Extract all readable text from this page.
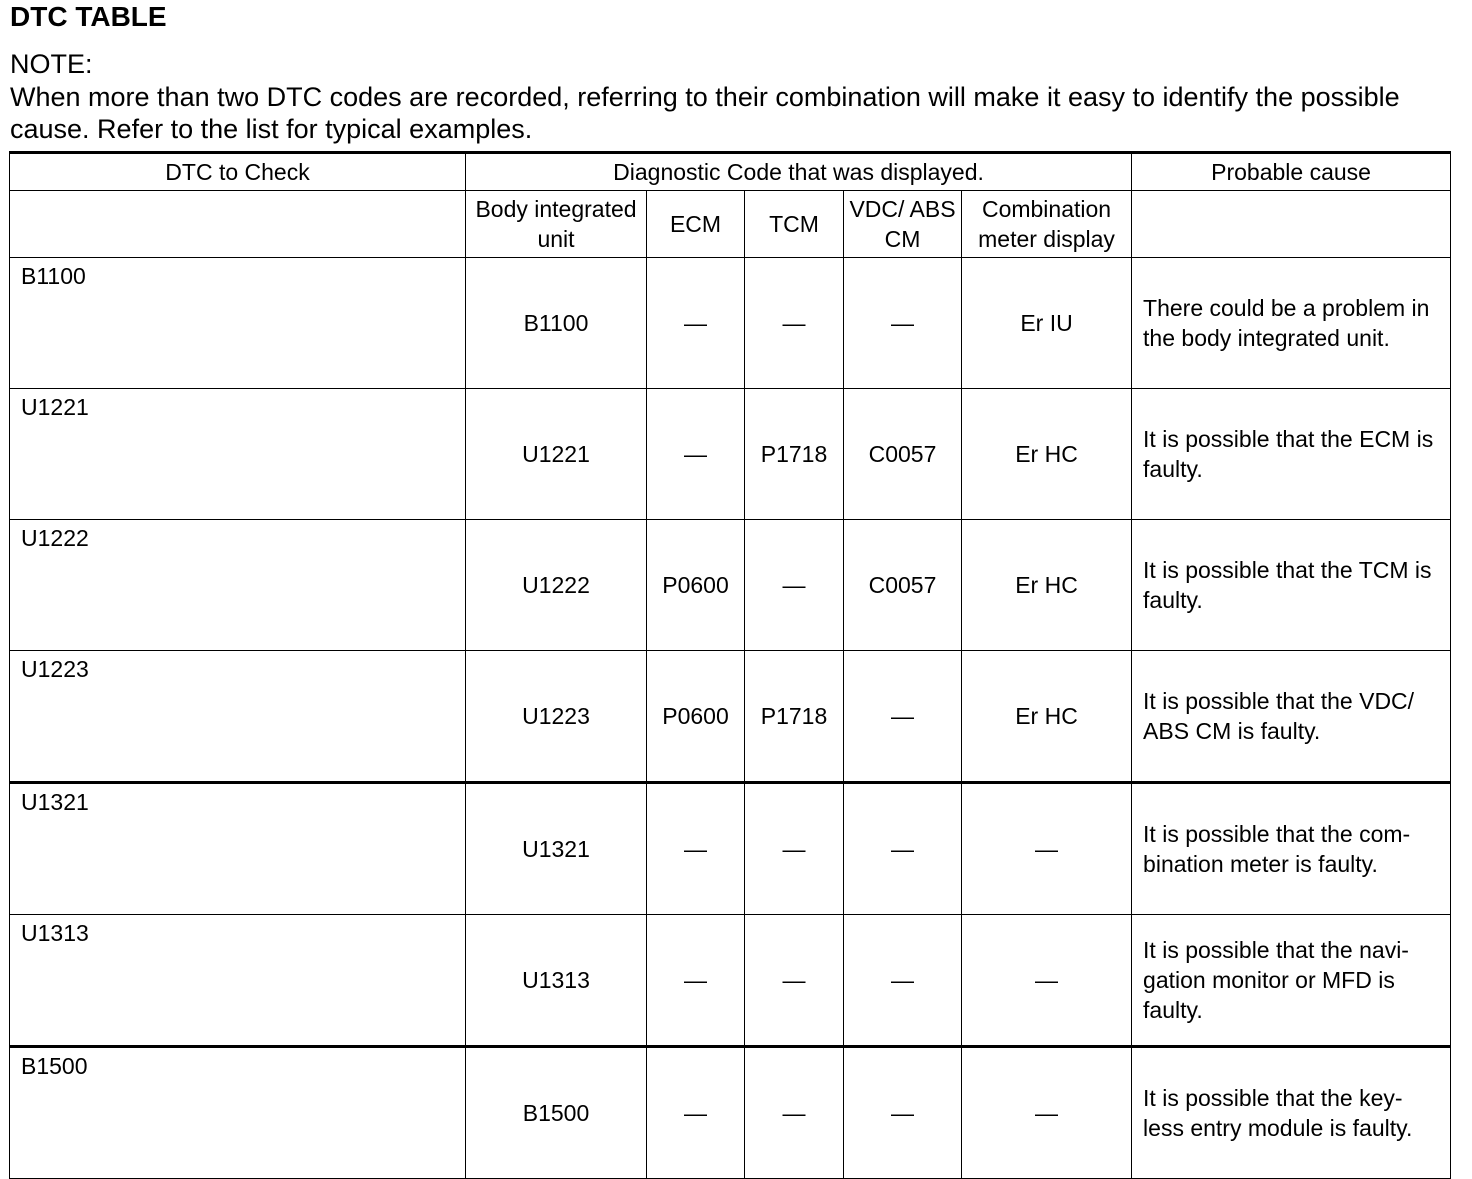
DTC TABLE
NOTE:
When more than two DTC codes are recorded, referring to their combination will make it easy to identify the possible cause. Refer to the list for typical examples.
DTC to Check	Diagnostic Code that was displayed.					Probable cause
	Body integrated unit	ECM	TCM	VDC/ ABS CM	Combination meter display	
B1100	B1100	—	—	—	Er IU	There could be a problem in the body integrated unit.
U1221	U1221	—	P1718	C0057	Er HC	It is possible that the ECM is faulty.
U1222	U1222	P0600	—	C0057	Er HC	It is possible that the TCM is faulty.
U1223	U1223	P0600	P1718	—	Er HC	It is possible that the VDC/ ABS CM is faulty.
U1321	U1321	—	—	—	—	It is possible that the com- bination meter is faulty.
U1313	U1313	—	—	—	—	It is possible that the navi- gation monitor or MFD is faulty.
B1500	B1500	—	—	—	—	It is possible that the key- less entry module is faulty.
